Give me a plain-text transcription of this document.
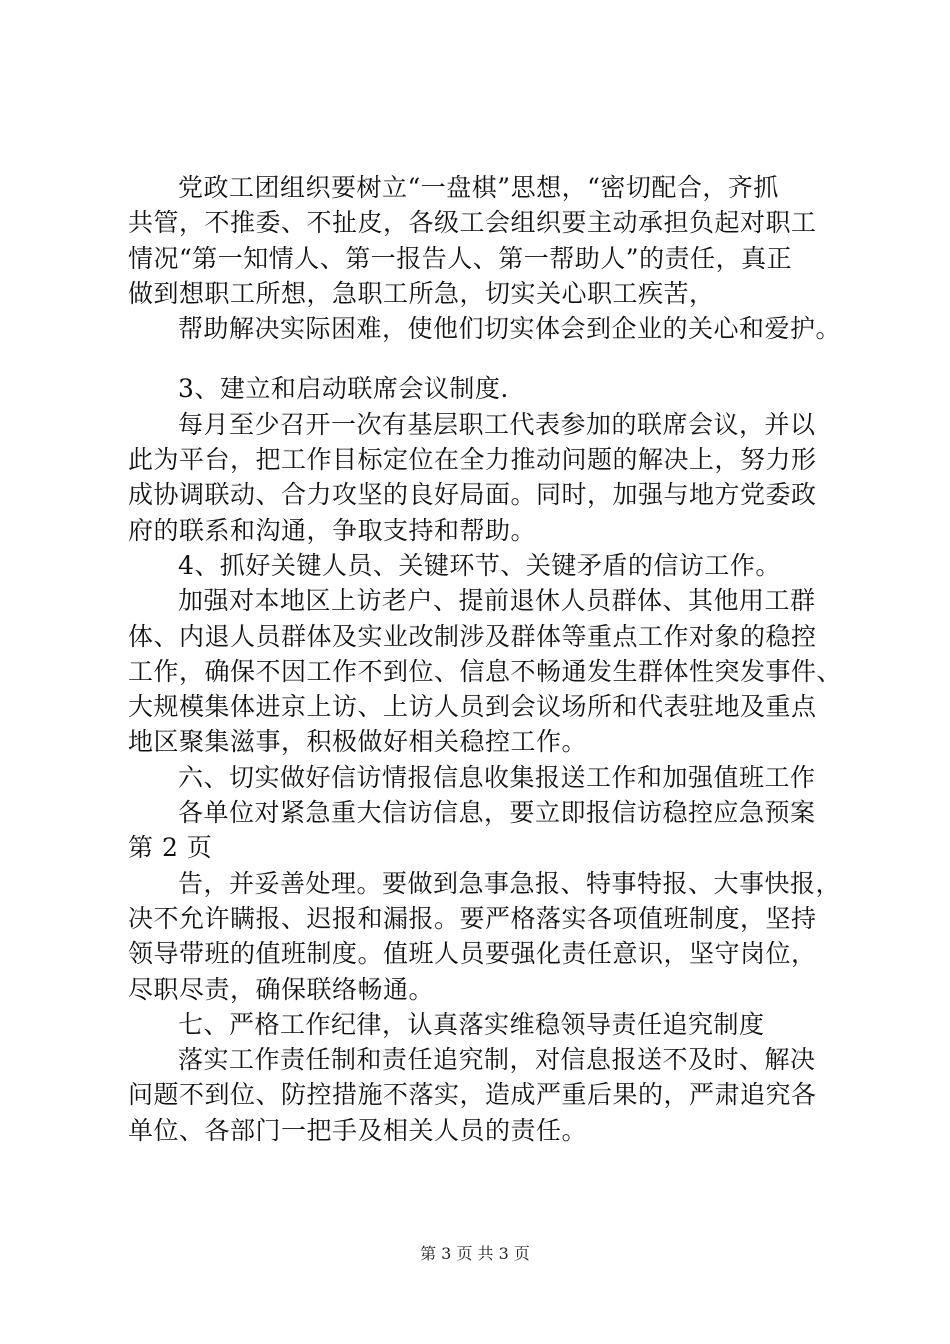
党政工团组织要树立“一盘棋”思想，“密切配合，齐抓
共管，不推委、不扯皮，各级工会组织要主动承担负起对职工
情况“第一知情人、第一报告人、第一帮助人”的责任，真正
做到想职工所想，急职工所急，切实关心职工疾苦，
帮助解决实际困难，使他们切实体会到企业的关心和爱护。
3、建立和启动联席会议制度.
每月至少召开一次有基层职工代表参加的联席会议，并以
此为平台，把工作目标定位在全力推动问题的解决上，努力形
成协调联动、合力攻坚的良好局面。同时，加强与地方党委政
府的联系和沟通，争取支持和帮助。
4、抓好关键人员、关键环节、关键矛盾的信访工作。
加强对本地区上访老户、提前退休人员群体、其他用工群
体、内退人员群体及实业改制涉及群体等重点工作对象的稳控
工作，确保不因工作不到位、信息不畅通发生群体性突发事件、
大规模集体进京上访、上访人员到会议场所和代表驻地及重点
地区聚集滋事，积极做好相关稳控工作。
六、切实做好信访情报信息收集报送工作和加强值班工作
各单位对紧急重大信访信息，要立即报信访稳控应急预案
第 2 页
告，并妥善处理。要做到急事急报、特事特报、大事快报，
决不允许瞒报、迟报和漏报。要严格落实各项值班制度，坚持
领导带班的值班制度。值班人员要强化责任意识，坚守岗位，
尽职尽责，确保联络畅通。
七、严格工作纪律，认真落实维稳领导责任追究制度
落实工作责任制和责任追究制，对信息报送不及时、解决
问题不到位、防控措施不落实，造成严重后果的，严肃追究各
单位、各部门一把手及相关人员的责任。
第 3 页 共 3 页
